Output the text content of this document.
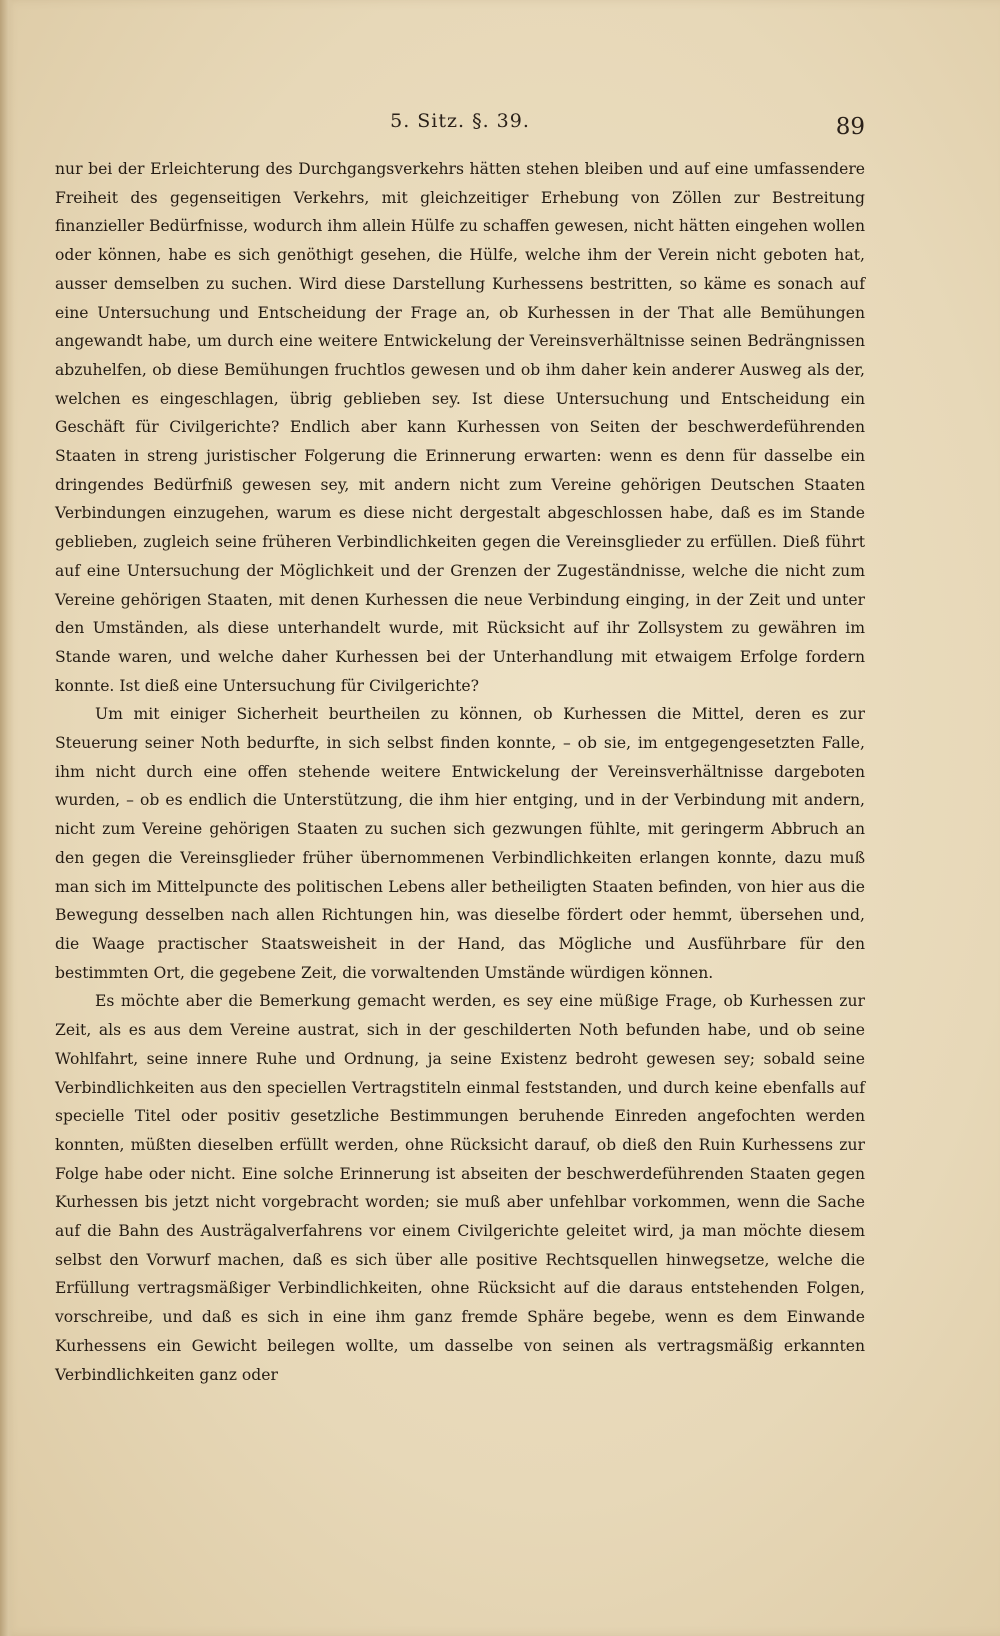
5. Sitz. §. 39.	89

nur bei der Erleichterung des Durchgangsverkehrs hätten stehen bleiben und auf eine umfassendere Freiheit des gegenseitigen Verkehrs, mit gleichzeitiger Erhebung von Zöllen zur Bestreitung finanzieller Bedürfnisse, wodurch ihm allein Hülfe zu schaffen gewesen, nicht hätten eingehen wollen oder können, habe es sich genöthigt gesehen, die Hülfe, welche ihm der Verein nicht geboten hat, ausser demselben zu suchen. Wird diese Darstellung Kurhessens bestritten, so käme es sonach auf eine Untersuchung und Entscheidung der Frage an, ob Kurhessen in der That alle Bemühungen angewandt habe, um durch eine weitere Entwickelung der Vereinsverhältnisse seinen Bedrängnissen abzuhelfen, ob diese Bemühungen fruchtlos gewesen und ob ihm daher kein anderer Ausweg als der, welchen es eingeschlagen, übrig geblieben sey. Ist diese Untersuchung und Entscheidung ein Geschäft für Civilgerichte? Endlich aber kann Kurhessen von Seiten der beschwerdeführenden Staaten in streng juristischer Folgerung die Erinnerung erwarten: wenn es denn für dasselbe ein dringendes Bedürfniß gewesen sey, mit andern nicht zum Vereine gehörigen Deutschen Staaten Verbindungen einzugehen, warum es diese nicht dergestalt abgeschlossen habe, daß es im Stande geblieben, zugleich seine früheren Verbindlichkeiten gegen die Vereinsglieder zu erfüllen. Dieß führt auf eine Untersuchung der Möglichkeit und der Grenzen der Zugeständnisse, welche die nicht zum Vereine gehörigen Staaten, mit denen Kurhessen die neue Verbindung einging, in der Zeit und unter den Umständen, als diese unterhandelt wurde, mit Rücksicht auf ihr Zollsystem zu gewähren im Stande waren, und welche daher Kurhessen bei der Unterhandlung mit etwaigem Erfolge fordern konnte. Ist dieß eine Untersuchung für Civilgerichte?

Um mit einiger Sicherheit beurtheilen zu können, ob Kurhessen die Mittel, deren es zur Steuerung seiner Noth bedurfte, in sich selbst finden konnte, – ob sie, im entgegengesetzten Falle, ihm nicht durch eine offen stehende weitere Entwickelung der Vereinsverhältnisse dargeboten wurden, – ob es endlich die Unterstützung, die ihm hier entging, und in der Verbindung mit andern, nicht zum Vereine gehörigen Staaten zu suchen sich gezwungen fühlte, mit geringerm Abbruch an den gegen die Vereinsglieder früher übernommenen Verbindlichkeiten erlangen konnte, dazu muß man sich im Mittelpuncte des politischen Lebens aller betheiligten Staaten befinden, von hier aus die Bewegung desselben nach allen Richtungen hin, was dieselbe fördert oder hemmt, übersehen und, die Waage practischer Staatsweisheit in der Hand, das Mögliche und Ausführbare für den bestimmten Ort, die gegebene Zeit, die vorwaltenden Umstände würdigen können.

Es möchte aber die Bemerkung gemacht werden, es sey eine müßige Frage, ob Kurhessen zur Zeit, als es aus dem Vereine austrat, sich in der geschilderten Noth befunden habe, und ob seine Wohlfahrt, seine innere Ruhe und Ordnung, ja seine Existenz bedroht gewesen sey; sobald seine Verbindlichkeiten aus den speciellen Vertragstiteln einmal feststanden, und durch keine ebenfalls auf specielle Titel oder positiv gesetzliche Bestimmungen beruhende Einreden angefochten werden konnten, müßten dieselben erfüllt werden, ohne Rücksicht darauf, ob dieß den Ruin Kurhessens zur Folge habe oder nicht. Eine solche Erinnerung ist abseiten der beschwerdeführenden Staaten gegen Kurhessen bis jetzt nicht vorgebracht worden; sie muß aber unfehlbar vorkommen, wenn die Sache auf die Bahn des Austrägalverfahrens vor einem Civilgerichte geleitet wird, ja man möchte diesem selbst den Vorwurf machen, daß es sich über alle positive Rechtsquellen hinwegsetze, welche die Erfüllung vertragsmäßiger Verbindlichkeiten, ohne Rücksicht auf die daraus entstehenden Folgen, vorschreibe, und daß es sich in eine ihm ganz fremde Sphäre begebe, wenn es dem Einwande Kurhessens ein Gewicht beilegen wollte, um dasselbe von seinen als vertragsmäßig erkannten Verbindlichkeiten ganz oder
